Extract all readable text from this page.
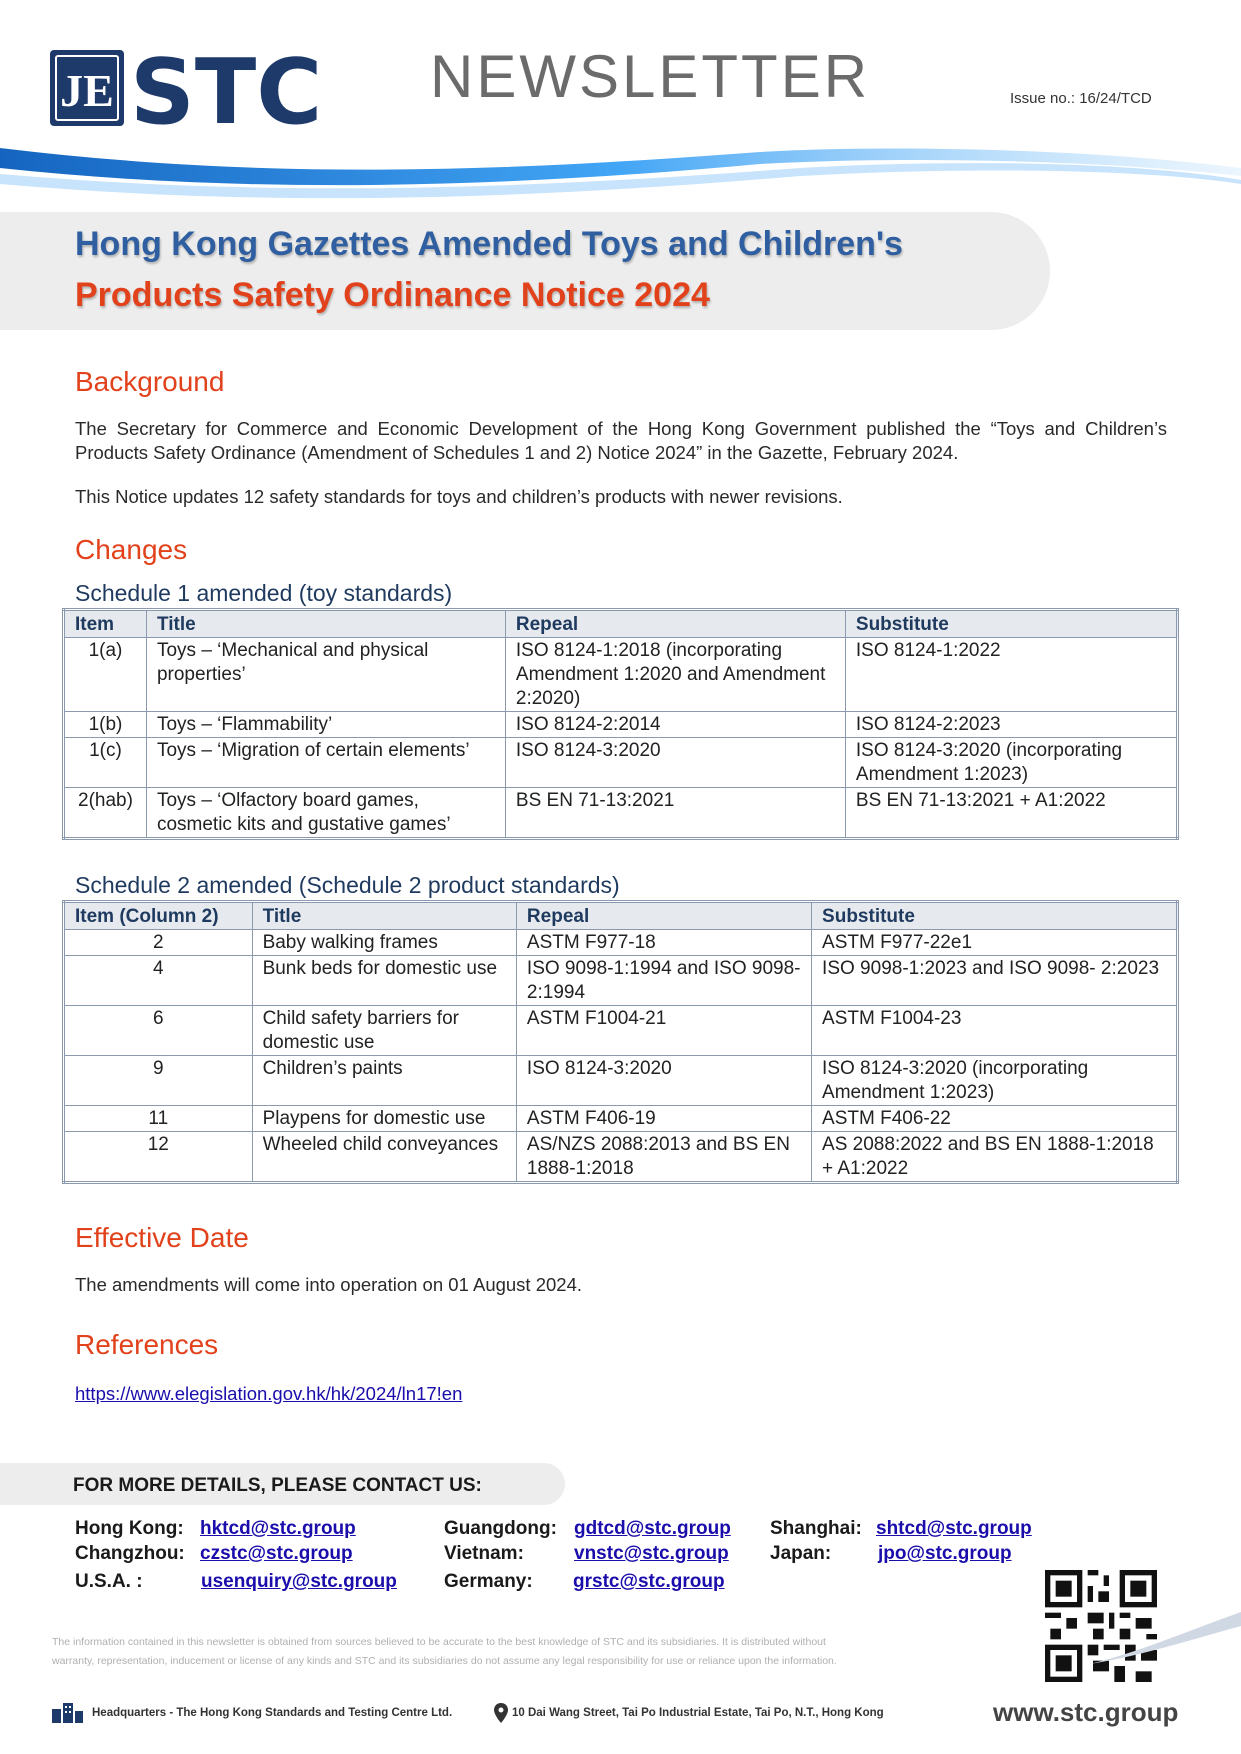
JE STC NEWSLETTER	Issue no.: 16/24/TCD
Hong Kong Gazettes Amended Toys and Children's
Products Safety Ordinance Notice 2024
Background
The Secretary for Commerce and Economic Development of the Hong Kong Government published the “Toys and Children’s Products Safety Ordinance (Amendment of Schedules 1 and 2) Notice 2024” in the Gazette, February 2024.
This Notice updates 12 safety standards for toys and children’s products with newer revisions.
Changes
Schedule 1 amended (toy standards)
Item	Title	Repeal	Substitute
1(a)	Toys – ‘Mechanical and physical properties’	ISO 8124-1:2018 (incorporating Amendment 1:2020 and Amendment 2:2020)	ISO 8124-1:2022
1(b)	Toys – ‘Flammability’	ISO 8124-2:2014	ISO 8124-2:2023
1(c)	Toys – ‘Migration of certain elements’	ISO 8124-3:2020	ISO 8124-3:2020 (incorporating Amendment 1:2023)
2(hab)	Toys – ‘Olfactory board games, cosmetic kits and gustative games’	BS EN 71-13:2021	BS EN 71-13:2021 + A1:2022
Schedule 2 amended (Schedule 2 product standards)
Item (Column 2)	Title	Repeal	Substitute
2	Baby walking frames	ASTM F977-18	ASTM F977-22e1
4	Bunk beds for domestic use	ISO 9098-1:1994 and ISO 9098-2:1994	ISO 9098-1:2023 and ISO 9098- 2:2023
6	Child safety barriers for domestic use	ASTM F1004-21	ASTM F1004-23
9	Children’s paints	ISO 8124-3:2020	ISO 8124-3:2020 (incorporating Amendment 1:2023)
11	Playpens for domestic use	ASTM F406-19	ASTM F406-22
12	Wheeled child conveyances	AS/NZS 2088:2013 and BS EN 1888-1:2018	AS 2088:2022 and BS EN 1888-1:2018 + A1:2022
Effective Date
The amendments will come into operation on 01 August 2024.
References
https://www.elegislation.gov.hk/hk/2024/ln17!en
FOR MORE DETAILS, PLEASE CONTACT US:
Hong Kong: hktcd@stc.group	Guangdong: gdtcd@stc.group Shanghai: shtcd@stc.group
Changzhou: czstc@stc.group	Vietnam:	vnstc@stc.group Japan: jpo@stc.group
U.S.A. :	usenquiry@stc.group Germany: grstc@stc.group
The information contained in this newsletter is obtained from sources believed to be accurate to the best knowledge of STC and its subsidiaries. It is distributed without
warranty, representation, inducement or license of any kinds and STC and its subsidiaries do not assume any legal responsibility for use or reliance upon the information.
Headquarters - The Hong Kong Standards and Testing Centre Ltd.	10 Dai Wang Street, Tai Po Industrial Estate, Tai Po, N.T., Hong Kong	www.stc.group
